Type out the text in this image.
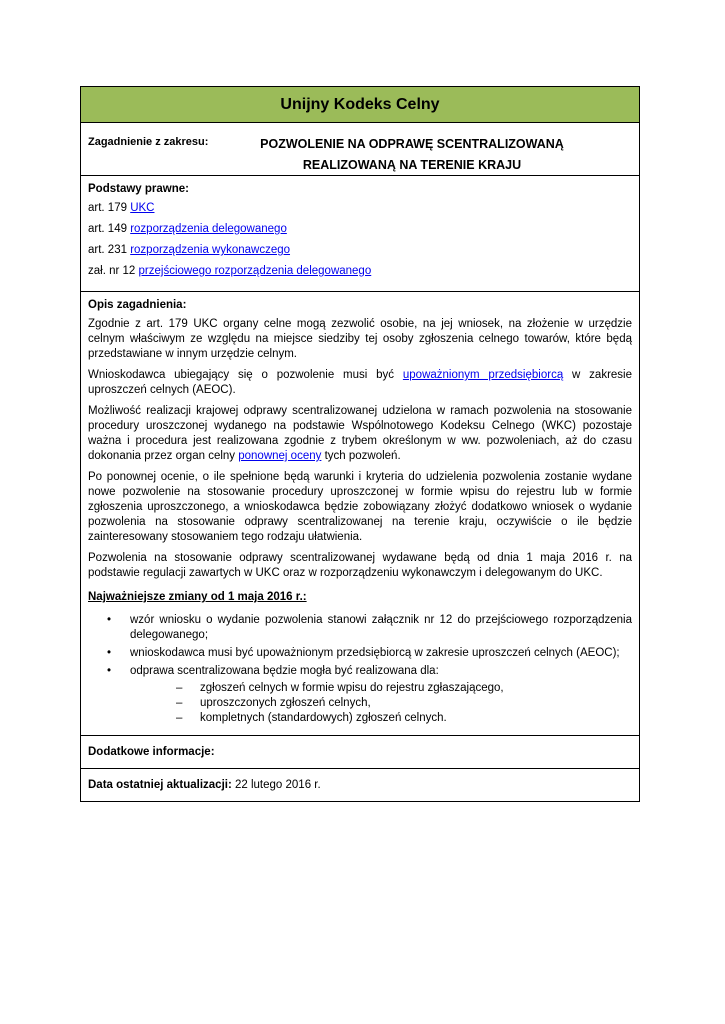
Unijny Kodeks Celny
Zagadnienie z zakresu:	POZWOLENIE NA ODPRAWĘ SCENTRALIZOWANĄ
REALIZOWANĄ NA TERENIE KRAJU
Podstawy prawne:

art. 179 UKC

art. 149 rozporządzenia delegowanego

art. 231 rozporządzenia wykonawczego

zał. nr 12 przejściowego rozporządzenia delegowanego

Opis zagadnienia:

Zgodnie z art. 179 UKC organy celne mogą zezwolić osobie, na jej wniosek, na złożenie w urzędzie celnym właściwym ze względu na miejsce siedziby tej osoby zgłoszenia celnego towarów, które będą przedstawiane w innym urzędzie celnym.

Wnioskodawca ubiegający się o pozwolenie musi być upoważnionym przedsiębiorcą w zakresie uproszczeń celnych (AEOC).

Możliwość realizacji krajowej odprawy scentralizowanej udzielona w ramach pozwolenia na stosowanie procedury uroszczonej wydanego na podstawie Wspólnotowego Kodeksu Celnego (WKC) pozostaje ważna i procedura jest realizowana zgodnie z trybem określonym w ww. pozwoleniach, aż do czasu dokonania przez organ celny ponownej oceny tych pozwoleń.

Po ponownej ocenie, o ile spełnione będą warunki i kryteria do udzielenia pozwolenia zostanie wydane nowe pozwolenie na stosowanie procedury uproszczonej w formie wpisu do rejestru lub w formie zgłoszenia uproszczonego, a wnioskodawca będzie zobowiązany złożyć dodatkowo wniosek o wydanie pozwolenia na stosowanie odprawy scentralizowanej na terenie kraju, oczywiście o ile będzie zainteresowany stosowaniem tego rodzaju ułatwienia.

Pozwolenia na stosowanie odprawy scentralizowanej wydawane będą od dnia 1 maja 2016 r. na podstawie regulacji zawartych w UKC oraz w rozporządzeniu wykonawczym i delegowanym do UKC.

Najważniejsze zmiany od 1 maja 2016 r.:
• wzór wniosku o wydanie pozwolenia stanowi załącznik nr 12 do przejściowego rozporządzenia delegowanego;
• wnioskodawca musi być upoważnionym przedsiębiorcą w zakresie uproszczeń celnych (AEOC);
• odprawa scentralizowana będzie mogła być realizowana dla:
– zgłoszeń celnych w formie wpisu do rejestru zgłaszającego,
– uproszczonych zgłoszeń celnych,
– kompletnych (standardowych) zgłoszeń celnych.
Dodatkowe informacje:
Data ostatniej aktualizacji: 22 lutego 2016 r.
